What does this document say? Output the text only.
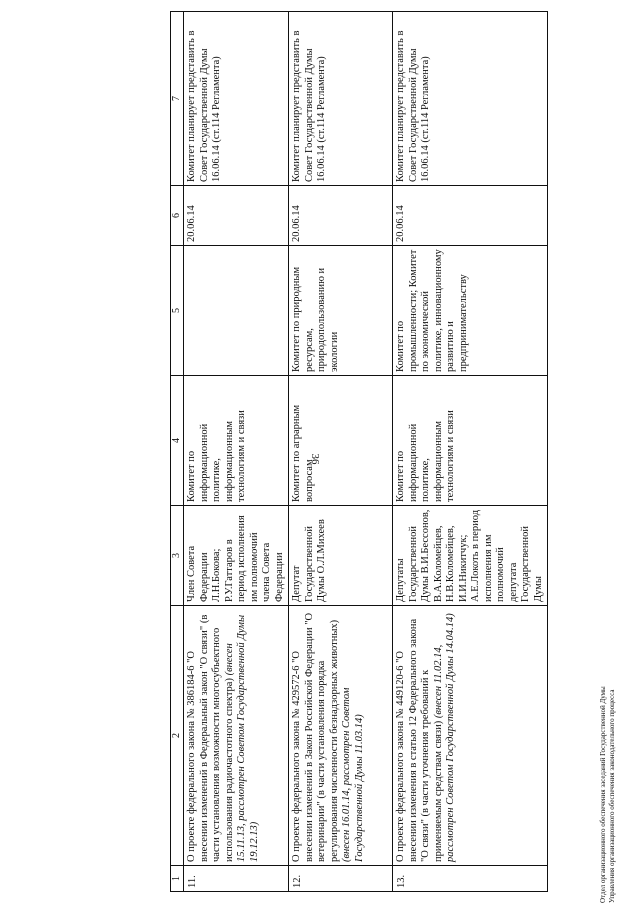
36
1	2	3	4	5	6	7
11.	О проекте федерального закона № 386184-6 "О внесении изменений в Федеральный закон "О связи" (в части установления возможности многосубъектного использования радиочастотного спектра) (внесен 15.11.13, рассмотрен Советом Государственной Думы 19.12.13)	Член Совета Федерации Л.Н.Бокова; Р.У.Гаттаров в период исполнения им полномочий члена Совета Федерации	Комитет по информационной политике, информационным технологиям и связи		20.06.14	Комитет планирует представить в Совет Государственной Думы 16.06.14 (ст.114 Регламента)
12.	О проекте федерального закона № 429572-6 "О внесении изменений в Закон Российской Федерации "О ветеринарии" (в части установления порядка регулирования численности безнадзорных животных) (внесен 16.01.14, рассмотрен Советом Государственной Думы 11.03.14)	Депутат Государственной Думы О.Л.Михеев	Комитет по аграрным вопросам	Комитет по природным ресурсам, природопользованию и экологии	20.06.14	Комитет планирует представить в Совет Государственной Думы 16.06.14 (ст.114 Регламента)
13.	О проекте федерального закона № 449120-6 "О внесении изменения в статью 12 Федерального закона "О связи" (в части уточнения требований к применяемым средствам связи) (внесен 11.02.14, рассмотрен Советом Государственной Думы 14.04.14)	Депутаты Государственной Думы В.И.Бессонов, В.А.Коломейцев, Н.В.Коломейцев, И.И.Никитчук; А.Е.Локоть в период исполнения им полномочий депутата Государственной Думы	Комитет по информационной политике, информационным технологиям и связи	Комитет по промышленности; Комитет по экономической политике, инновационному развитию и предпринимательству	20.06.14	Комитет планирует представить в Совет Государственной Думы 16.06.14 (ст.114 Регламента)
Отдел организационного обеспечения заседаний Государственной Думы Управления организационного обеспечения законодательного процесса
